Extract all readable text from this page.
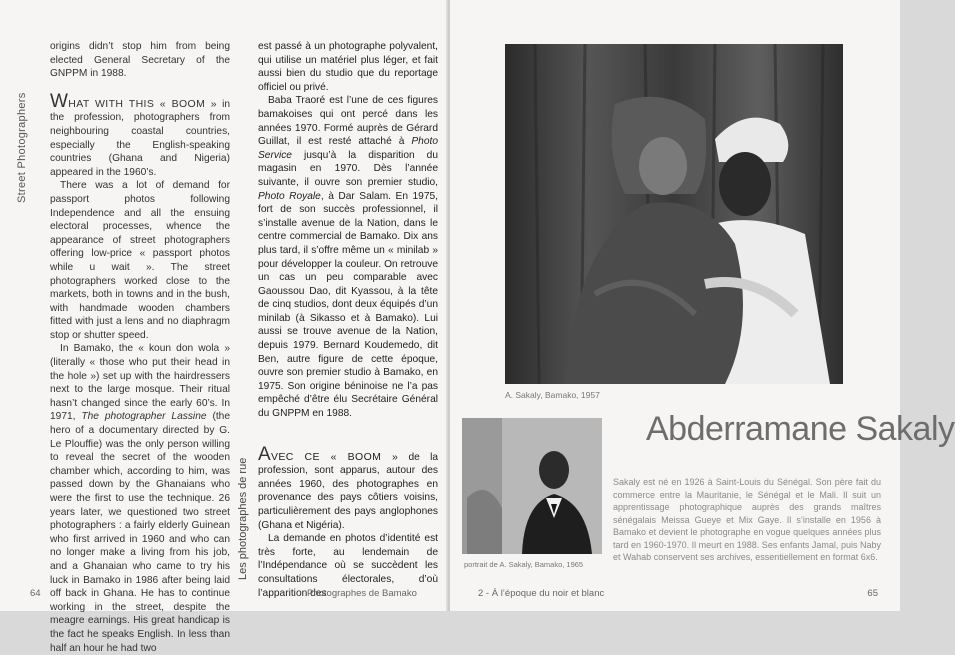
Street Photographers

origins didn’t stop him from being elected General Secretary of the GNPPM in 1988.

WHAT WITH THIS « BOOM » in the profession, photographers from neighbouring coastal countries, especially the English-speaking countries (Ghana and Nigeria) appeared in the 1960’s.

There was a lot of demand for passport photos following Independence and all the ensuing electoral processes, whence the appearance of street photographers offering low-price « passport photos while u wait ». The street photographers worked close to the markets, both in towns and in the bush, with handmade wooden chambers fitted with just a lens and no diaphragm stop or shutter speed.

In Bamako, the « koun don wola » (literally « those who put their head in the hole ») set up with the hairdressers next to the large mosque. Their ritual hasn’t changed since the early 60’s. In 1971, The photographer Lassine (the hero of a documentary directed by G. Le Plouffie) was the only person willing to reveal the secret of the wooden chamber which, according to him, was passed down by the Ghanaians who were the first to use the technique. 26 years later, we questioned two street photographers : a fairly elderly Guinean who first arrived in 1960 and who can no longer make a living from his job, and a Ghanaian who came to try his luck in Bamako in 1986 after being laid off back in Ghana. He has to continue working in the street, despite the meagre earnings. His great handicap is the fact he speaks English. In less than half an hour he had two

est passé à un photographe polyvalent, qui utilise un matériel plus léger, et fait aussi bien du studio que du reportage officiel ou privé.

Baba Traoré est l’une de ces figures bamakoises qui ont percé dans les années 1970. Formé auprès de Gérard Guillat, il est resté attaché à Photo Service jusqu’à la disparition du magasin en 1970. Dès l’année suivante, il ouvre son premier studio, Photo Royale, à Dar Salam. En 1975, fort de son succès professionnel, il s’installe avenue de la Nation, dans le centre commercial de Bamako. Dix ans plus tard, il s’offre même un « minilab » pour développer la couleur. On retrouve un cas un peu comparable avec Gaoussou Dao, dit Kyassou, à la tête de cinq studios, dont deux équipés d’un minilab (à Sikasso et à Bamako). Lui aussi se trouve avenue de la Nation, depuis 1979. Bernard Koudemedo, dit Ben, autre figure de cette époque, ouvre son premier studio à Bamako, en 1975. Son origine béninoise ne l’a pas empêché d’être élu Secrétaire Général du GNPPM en 1988.

AVEC CE « BOOM » de la profession, sont apparus, autour des années 1960, des photographes en provenance des pays côtiers voisins, particulièrement des pays anglophones (Ghana et Nigéria).

La demande en photos d’identité est très forte, au lendemain de l’Indépendance où se succèdent les consultations électorales, d’où l’apparition des

Les photographes de rue
64	Photographes de Bamako
A. Sakaly, Bamako, 1957
portrait de A. Sakaly, Bamako, 1965
Abderramane Sakaly

Sakaly est né en 1926 à Saint-Louis du Sénégal. Son père fait du commerce entre la Mauritanie, le Sénégal et le Mali. Il suit un apprentissage photographique auprès des grands maîtres sénégalais Meissa Gueye et Mix Gaye. Il s’installe en 1956 à Bamako et devient le photographe en vogue quelques années plus tard en 1960-1970. Il meurt en 1988. Ses enfants Jamal, puis Naby et Wahab conservent ses archives, essentiellement en format 6x6.

2 - À l’époque du noir et blanc	65
